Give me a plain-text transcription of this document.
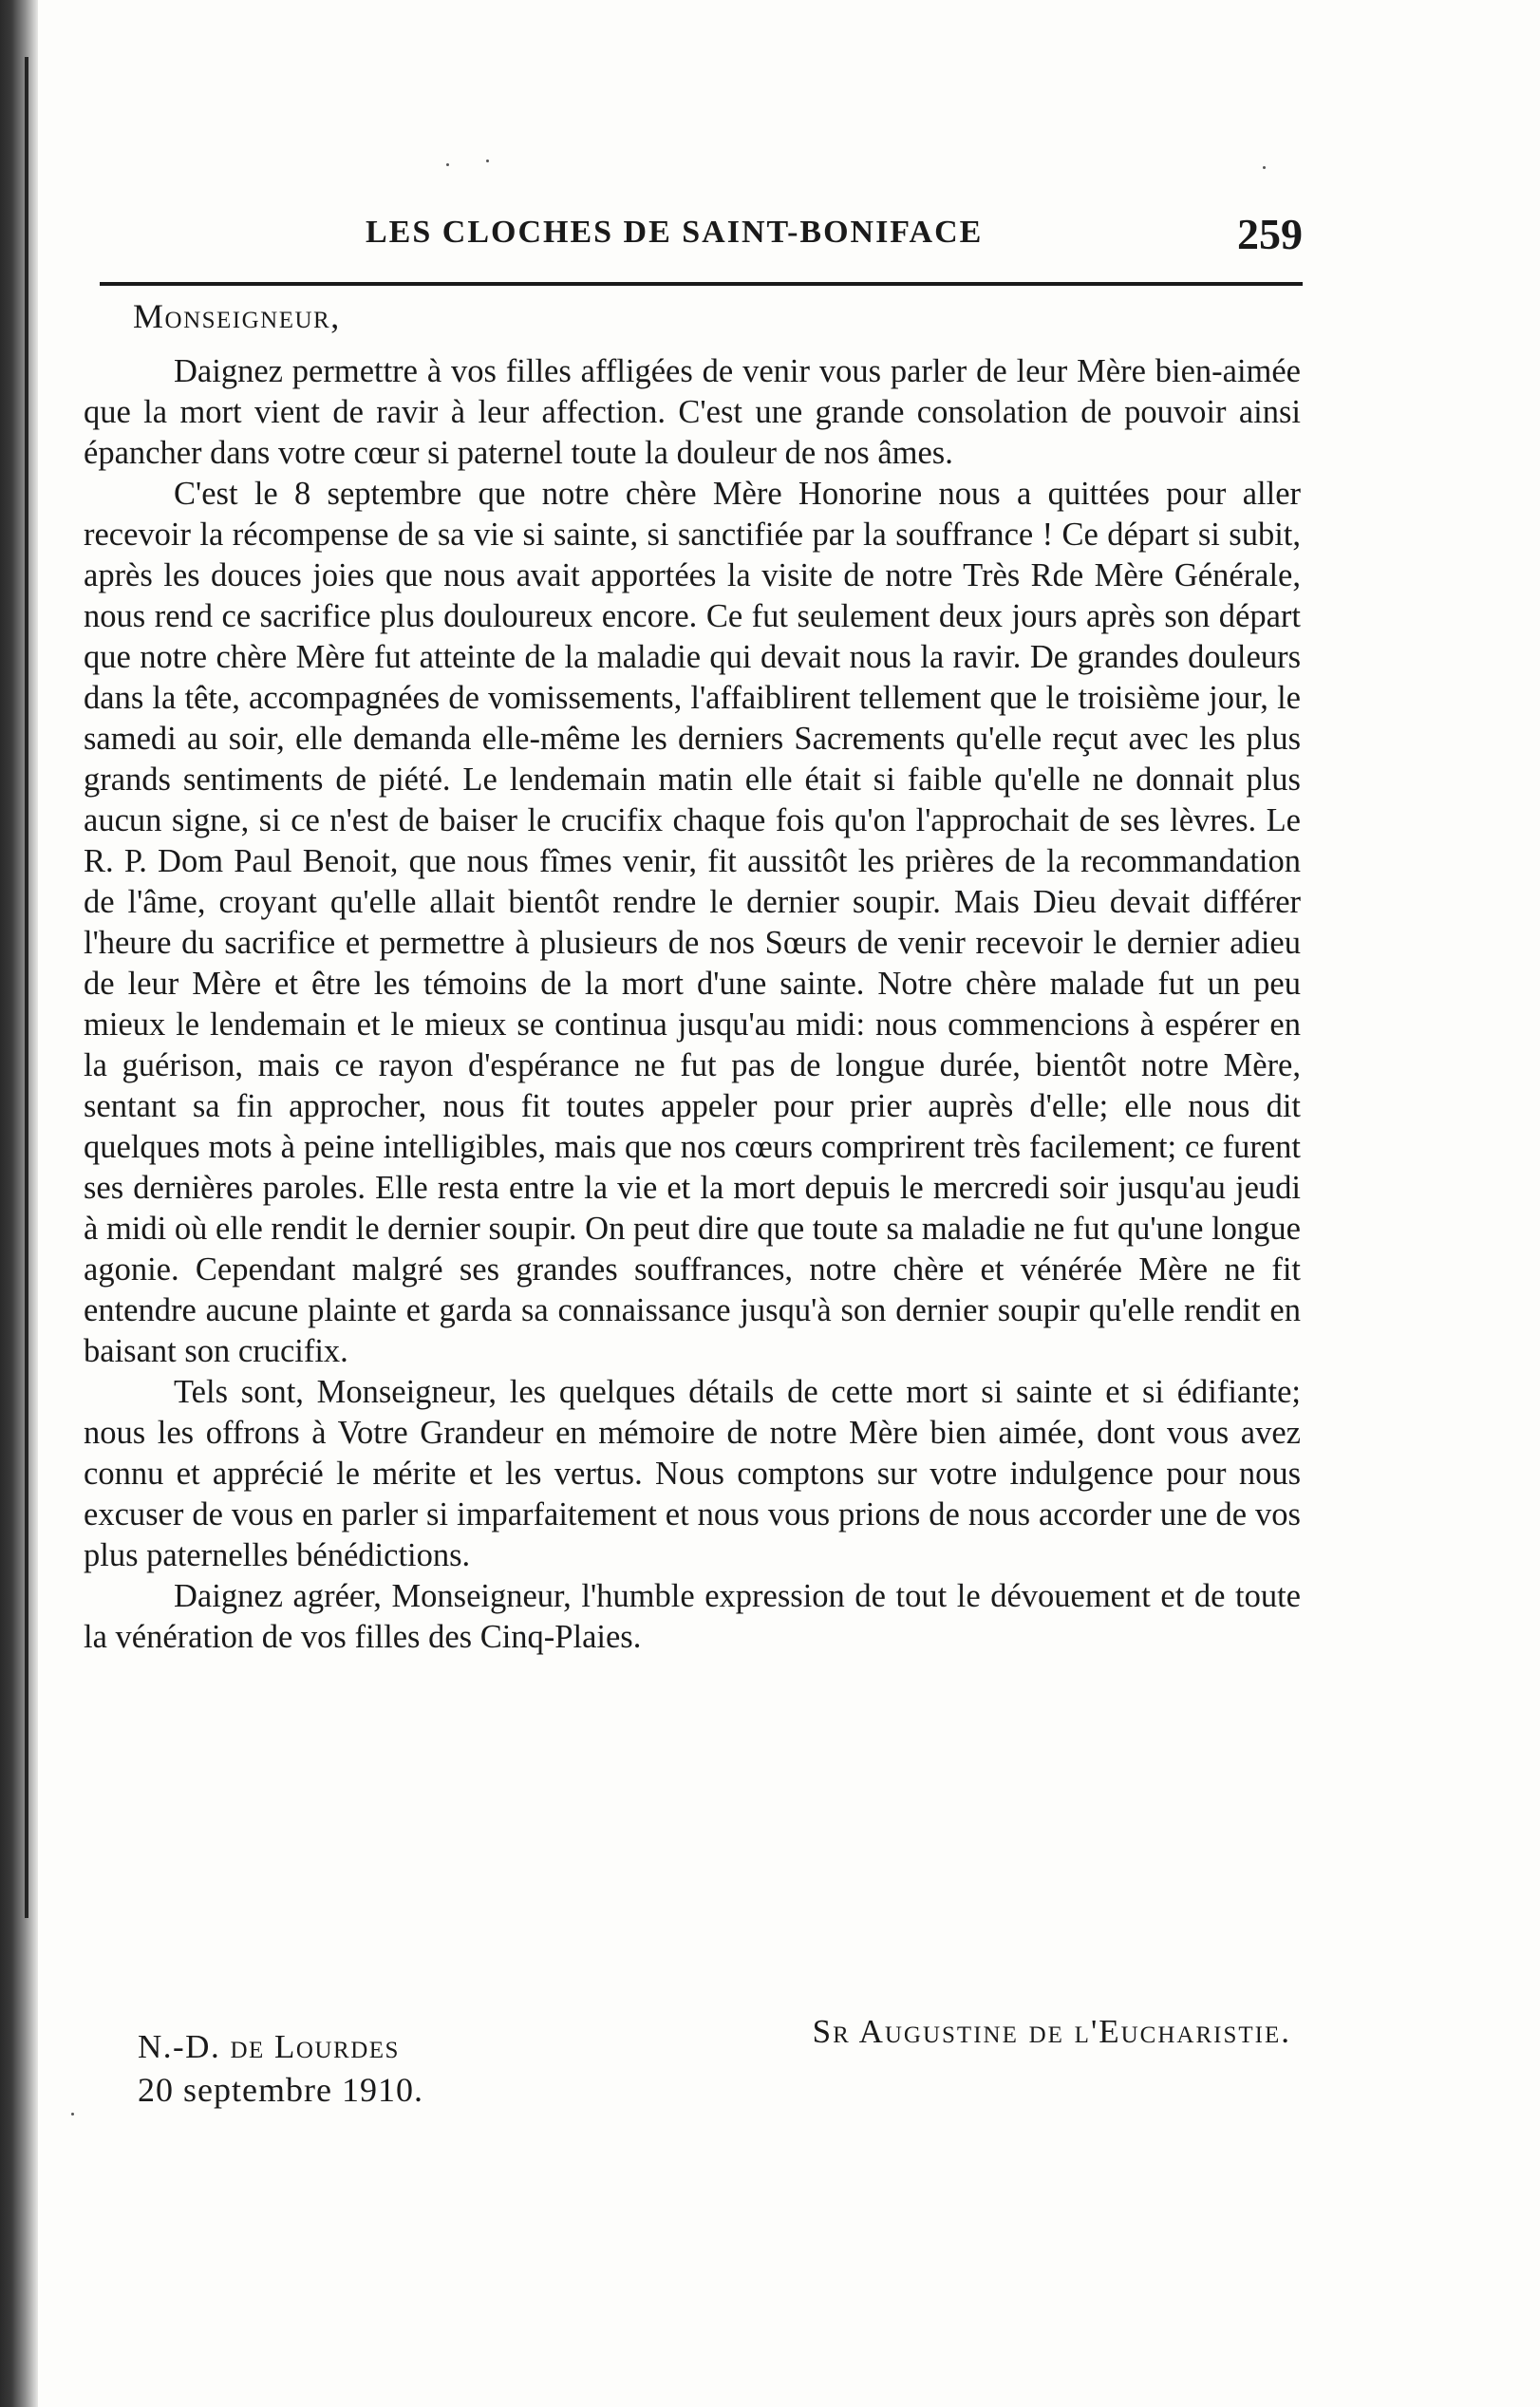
LES CLOCHES DE SAINT-BONIFACE	259
Monseigneur,

Daignez permettre à vos filles affligées de venir vous parler de leur Mère bien-aimée que la mort vient de ravir à leur affection. C'est une grande consolation de pouvoir ainsi épancher dans votre cœur si paternel toute la douleur de nos âmes.

C'est le 8 septembre que notre chère Mère Honorine nous a quittées pour aller recevoir la récompense de sa vie si sainte, si sanctifiée par la souffrance ! Ce départ si subit, après les douces joies que nous avait apportées la visite de notre Très Rde Mère Générale, nous rend ce sacrifice plus douloureux encore. Ce fut seulement deux jours après son départ que notre chère Mère fut atteinte de la maladie qui devait nous la ravir. De grandes douleurs dans la tête, accompagnées de vomissements, l'affaiblirent tellement que le troisième jour, le samedi au soir, elle demanda elle-même les derniers Sacrements qu'elle reçut avec les plus grands sentiments de piété. Le lendemain matin elle était si faible qu'elle ne donnait plus aucun signe, si ce n'est de baiser le crucifix chaque fois qu'on l'approchait de ses lèvres. Le R. P. Dom Paul Benoit, que nous fîmes venir, fit aussitôt les prières de la recommandation de l'âme, croyant qu'elle allait bientôt rendre le dernier soupir. Mais Dieu devait différer l'heure du sacrifice et permettre à plusieurs de nos Sœurs de venir recevoir le dernier adieu de leur Mère et être les témoins de la mort d'une sainte. Notre chère malade fut un peu mieux le lendemain et le mieux se continua jusqu'au midi: nous commencions à espérer en la guérison, mais ce rayon d'espérance ne fut pas de longue durée, bientôt notre Mère, sentant sa fin approcher, nous fit toutes appeler pour prier auprès d'elle; elle nous dit quelques mots à peine intelligibles, mais que nos cœurs comprirent très facilement; ce furent ses dernières paroles. Elle resta entre la vie et la mort depuis le mercredi soir jusqu'au jeudi à midi où elle rendit le dernier soupir. On peut dire que toute sa maladie ne fut qu'une longue agonie. Cependant malgré ses grandes souffrances, notre chère et vénérée Mère ne fit entendre aucune plainte et garda sa connaissance jusqu'à son dernier soupir qu'elle rendit en baisant son crucifix.

Tels sont, Monseigneur, les quelques détails de cette mort si sainte et si édifiante; nous les offrons à Votre Grandeur en mémoire de notre Mère bien aimée, dont vous avez connu et apprécié le mérite et les vertus. Nous comptons sur votre indulgence pour nous excuser de vous en parler si imparfaitement et nous vous prions de nous accorder une de vos plus paternelles bénédictions.

Daignez agréer, Monseigneur, l'humble expression de tout le dévouement et de toute la vénération de vos filles des Cinq-Plaies.

Sr Augustine de l'Eucharistie.
N.-D. de Lourdes
20 septembre 1910.
